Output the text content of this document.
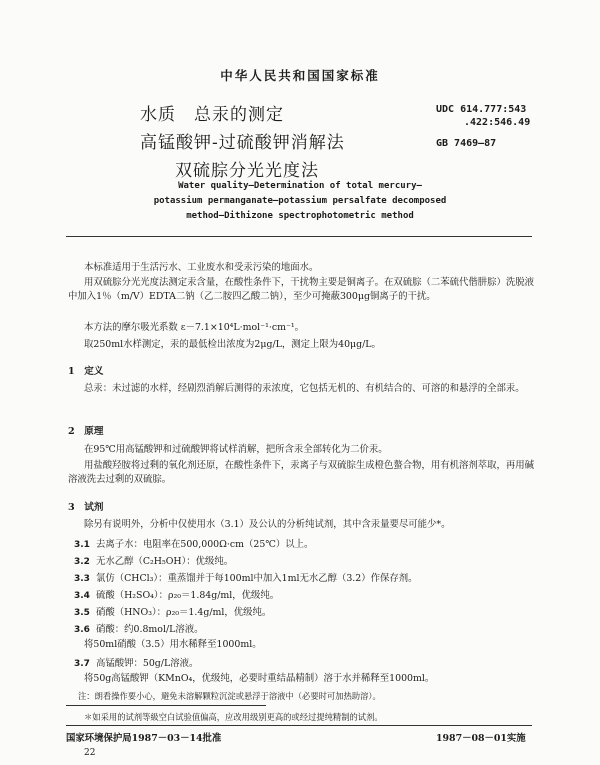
中华人民共和国国家标准
水质　总汞的测定
高锰酸钾-过硫酸钾消解法
双硫腙分光光度法
UDC 614.777:543
.422:546.49
GB 7469—87
Water quality—Determination of total mercury—
potassium permanganate—potassium persalfate decomposed
method—Dithizone spectrophotometric method

本标准适用于生活污水、工业废水和受汞污染的地面水。

用双硫腙分光光度法测定汞含量，在酸性条件下，干扰物主要是铜离子。在双硫腙（二苯硫代偕肼腙）洗脱液中加入1％（m/V）EDTA二钠（乙二胺四乙酸二钠），至少可掩蔽300μg铜离子的干扰。

本方法的摩尔吸光系数 ε－7.1×10⁴L·mol⁻¹·cm⁻¹。

取250ml水样测定，汞的最低检出浓度为2μg/L，测定上限为40μg/L。

1　定义

总汞：未过滤的水样，经剧烈消解后测得的汞浓度，它包括无机的、有机结合的、可溶的和悬浮的全部汞。

2　原理

在95℃用高锰酸钾和过硫酸钾将试样消解，把所含汞全部转化为二价汞。

用盐酸羟胺将过剩的氧化剂还原，在酸性条件下，汞离子与双硫腙生成橙色螯合物，用有机溶剂萃取，再用碱溶液洗去过剩的双硫腙。

3　试剂

除另有说明外，分析中仅使用水（3.1）及公认的分析纯试剂，其中含汞量要尽可能少*。

3.1 去离子水：电阻率在500,000Ω·cm（25℃）以上。
3.2 无水乙醇（C₂H₅OH）：优级纯。
3.3 氯仿（CHCl₃）：重蒸馏并于每100ml中加入1ml无水乙醇（3.2）作保存剂。
3.4 硫酸（H₂SO₄）：ρ₂₀＝1.84g/ml，优级纯。
3.5 硝酸（HNO₃）：ρ₂₀＝1.4g/ml，优级纯。
3.6 硝酸：约0.8mol/L溶液。

将50ml硝酸（3.5）用水稀释至1000ml。

3.7 高锰酸钾：50g/L溶液。

将50g高锰酸钾（KMnO₄，优级纯，必要时重结晶精制）溶于水并稀释至1000ml。

注：朗看操作要小心，避免未溶解颗粒沉淀或悬浮于溶液中（必要时可加热助溶）。
＊如采用的试剂等級空白试验值偏高，应改用级别更高的或经过提纯精制的试剂。
国家环境保护局1987－03－14批准	1987－08－01实施
22
